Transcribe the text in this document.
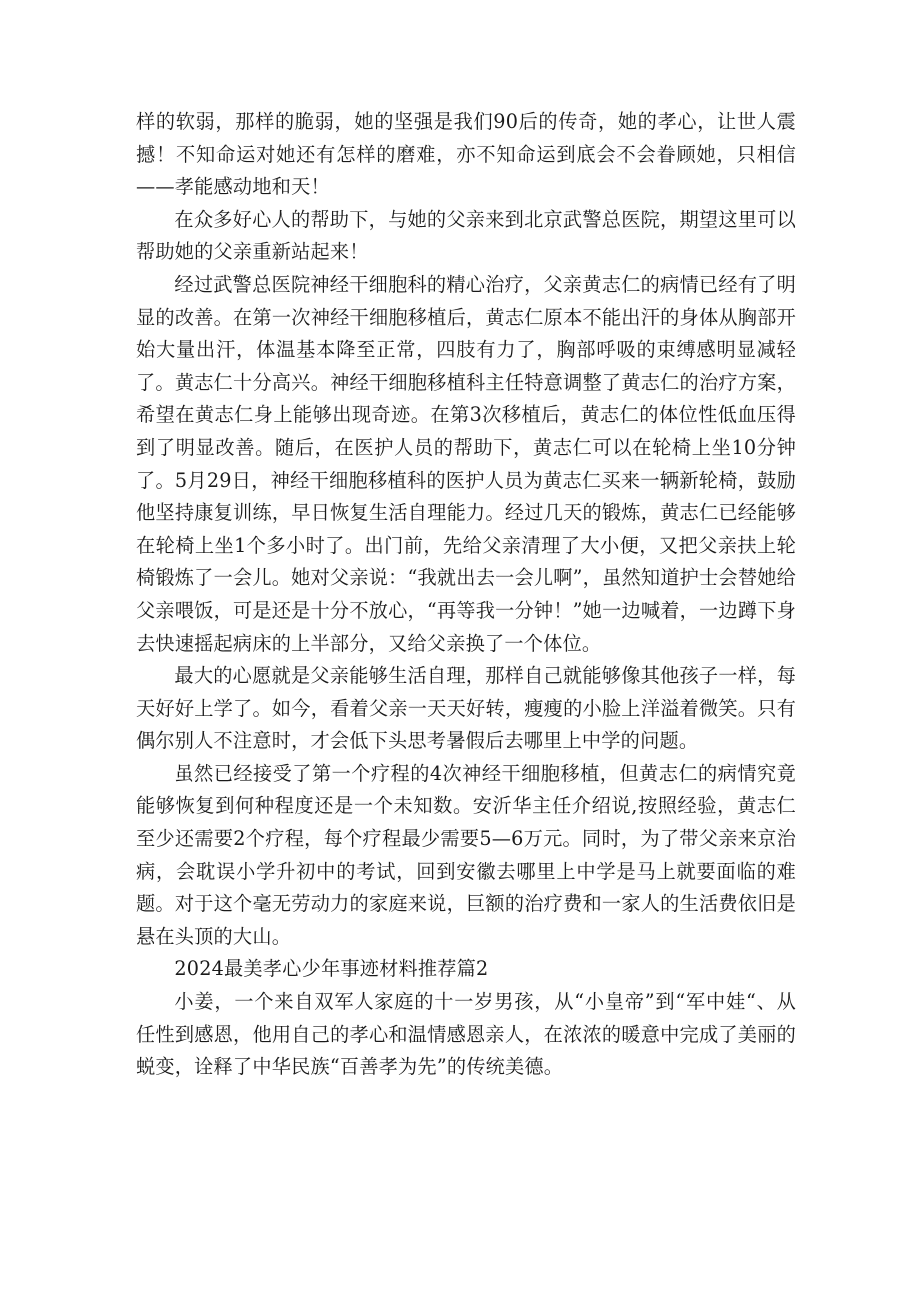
样的软弱，那样的脆弱，她的坚强是我们90后的传奇，她的孝心，让世人震撼！不知命运对她还有怎样的磨难，亦不知命运到底会不会眷顾她，只相信——孝能感动地和天！

在众多好心人的帮助下，与她的父亲来到北京武警总医院，期望这里可以帮助她的父亲重新站起来！

经过武警总医院神经干细胞科的精心治疗，父亲黄志仁的病情已经有了明显的改善。在第一次神经干细胞移植后，黄志仁原本不能出汗的身体从胸部开始大量出汗，体温基本降至正常，四肢有力了，胸部呼吸的束缚感明显减轻了。黄志仁十分高兴。神经干细胞移植科主任特意调整了黄志仁的治疗方案，希望在黄志仁身上能够出现奇迹。在第3次移植后，黄志仁的体位性低血压得到了明显改善。随后，在医护人员的帮助下，黄志仁可以在轮椅上坐10分钟了。5月29日，神经干细胞移植科的医护人员为黄志仁买来一辆新轮椅，鼓励他坚持康复训练，早日恢复生活自理能力。经过几天的锻炼，黄志仁已经能够在轮椅上坐1个多小时了。出门前，先给父亲清理了大小便，又把父亲扶上轮椅锻炼了一会儿。她对父亲说：“我就出去一会儿啊”，虽然知道护士会替她给父亲喂饭，可是还是十分不放心，“再等我一分钟！”她一边喊着，一边蹲下身去快速摇起病床的上半部分，又给父亲换了一个体位。

最大的心愿就是父亲能够生活自理，那样自己就能够像其他孩子一样，每天好好上学了。如今，看着父亲一天天好转，瘦瘦的小脸上洋溢着微笑。只有偶尔别人不注意时，才会低下头思考暑假后去哪里上中学的问题。

虽然已经接受了第一个疗程的4次神经干细胞移植，但黄志仁的病情究竟能够恢复到何种程度还是一个未知数。安沂华主任介绍说,按照经验，黄志仁至少还需要2个疗程，每个疗程最少需要5—6万元。同时，为了带父亲来京治病，会耽误小学升初中的考试，回到安徽去哪里上中学是马上就要面临的难题。对于这个毫无劳动力的家庭来说，巨额的治疗费和一家人的生活费依旧是悬在头顶的大山。

2024最美孝心少年事迹材料推荐篇2

小姜，一个来自双军人家庭的十一岁男孩，从“小皇帝”到“军中娃“、从任性到感恩，他用自己的孝心和温情感恩亲人，在浓浓的暖意中完成了美丽的蜕变，诠释了中华民族“百善孝为先”的传统美德。
